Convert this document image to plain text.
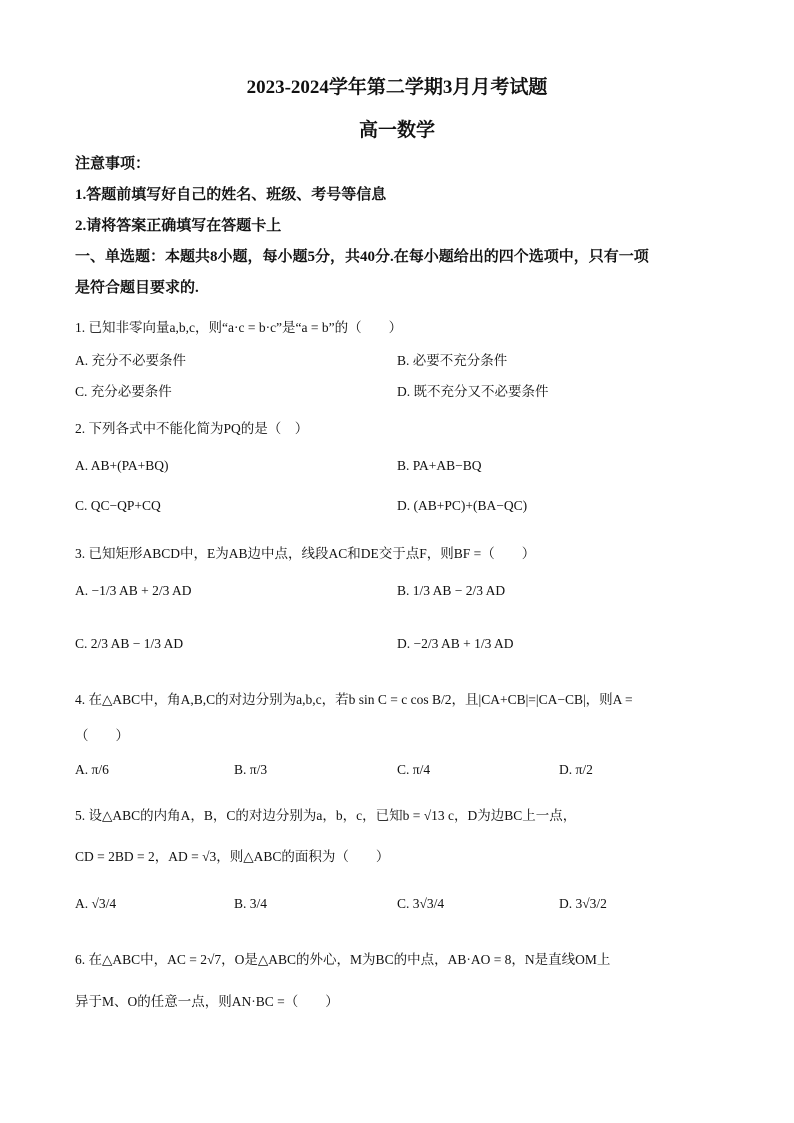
2023-2024学年第二学期3月月考试题
高一数学
注意事项：
1.答题前填写好自己的姓名、班级、考号等信息
2.请将答案正确填写在答题卡上
一、单选题：本题共8小题，每小题5分，共40分.在每小题给出的四个选项中，只有一项
是符合题目要求的.
1. 已知非零向量a,b,c，则“a·c = b·c”是“a = b”的（　　）
A. 充分不必要条件	B. 必要不充分条件
C. 充分必要条件	D. 既不充分又不必要条件
2. 下列各式中不能化简为PQ的是（　）
A. AB+(PA+BQ)	B. PA+AB−BQ
C. QC−QP+CQ	D. (AB+PC)+(BA−QC)
3. 已知矩形ABCD中，E为AB边中点，线段AC和DE交于点F，则BF =（　　）
A. −1/3 AB + 2/3 AD	B. 1/3 AB − 2/3 AD
C. 2/3 AB − 1/3 AD	D. −2/3 AB + 1/3 AD
4. 在△ABC中，角A,B,C的对边分别为a,b,c，若b sin C = c cos B/2，且|CA+CB|=|CA−CB|，则A =
（　　）
A. π/6	B. π/3	C. π/4	D. π/2
5. 设△ABC的内角A，B，C的对边分别为a，b，c，已知b = √13 c，D为边BC上一点，
CD = 2BD = 2，AD = √3，则△ABC的面积为（　　）
A. √3/4	B. 3/4	C. 3√3/4	D. 3√3/2
6. 在△ABC中，AC = 2√7，O是△ABC的外心，M为BC的中点，AB·AO = 8，N是直线OM上
异于M、O的任意一点，则AN·BC =（　　）
